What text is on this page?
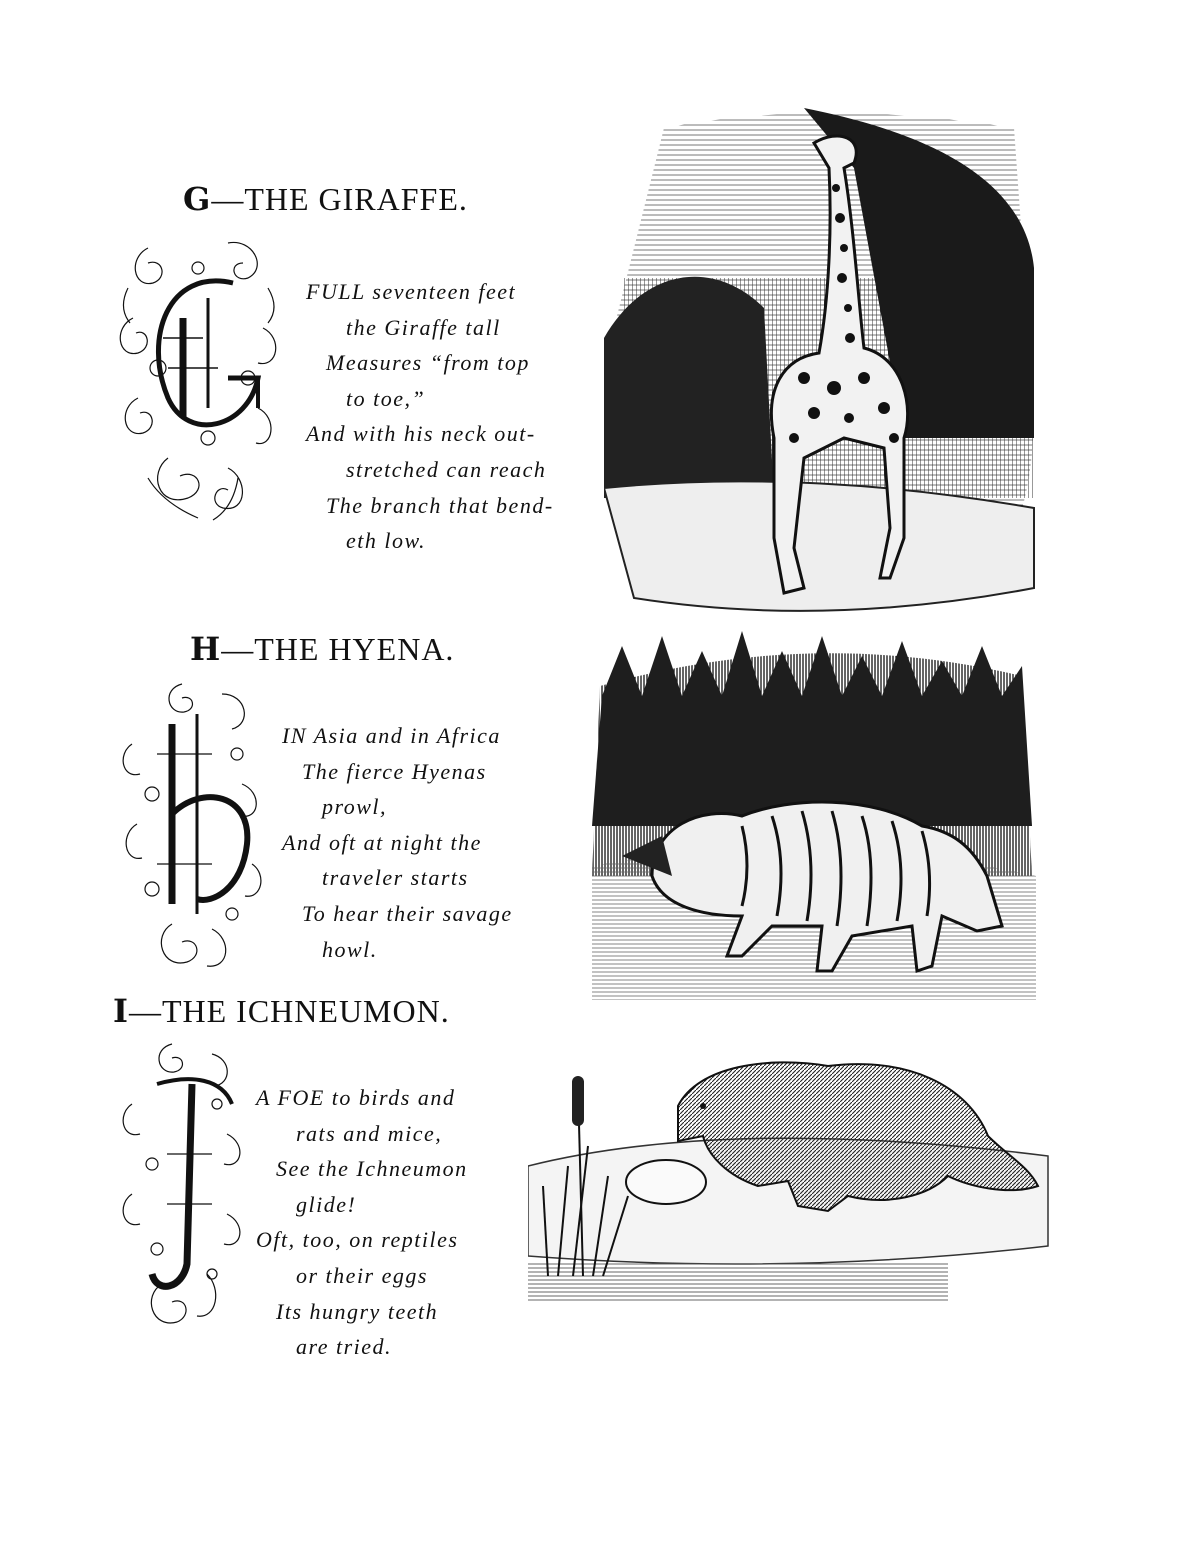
G—THE GIRAFFE.
FULL seventeen feet
the Giraffe tall
Measures “from top
to toe,”
And with his neck out-
stretched can reach
The branch that bend-
eth low.
H—THE HYENA.
IN Asia and in Africa
The fierce Hyenas
prowl,
And oft at night the
traveler starts
To hear their savage
howl.
I—THE ICHNEUMON.
A FOE to birds and
rats and mice,
See the Ichneumon
glide!
Oft, too, on reptiles
or their eggs
Its hungry teeth
are tried.
